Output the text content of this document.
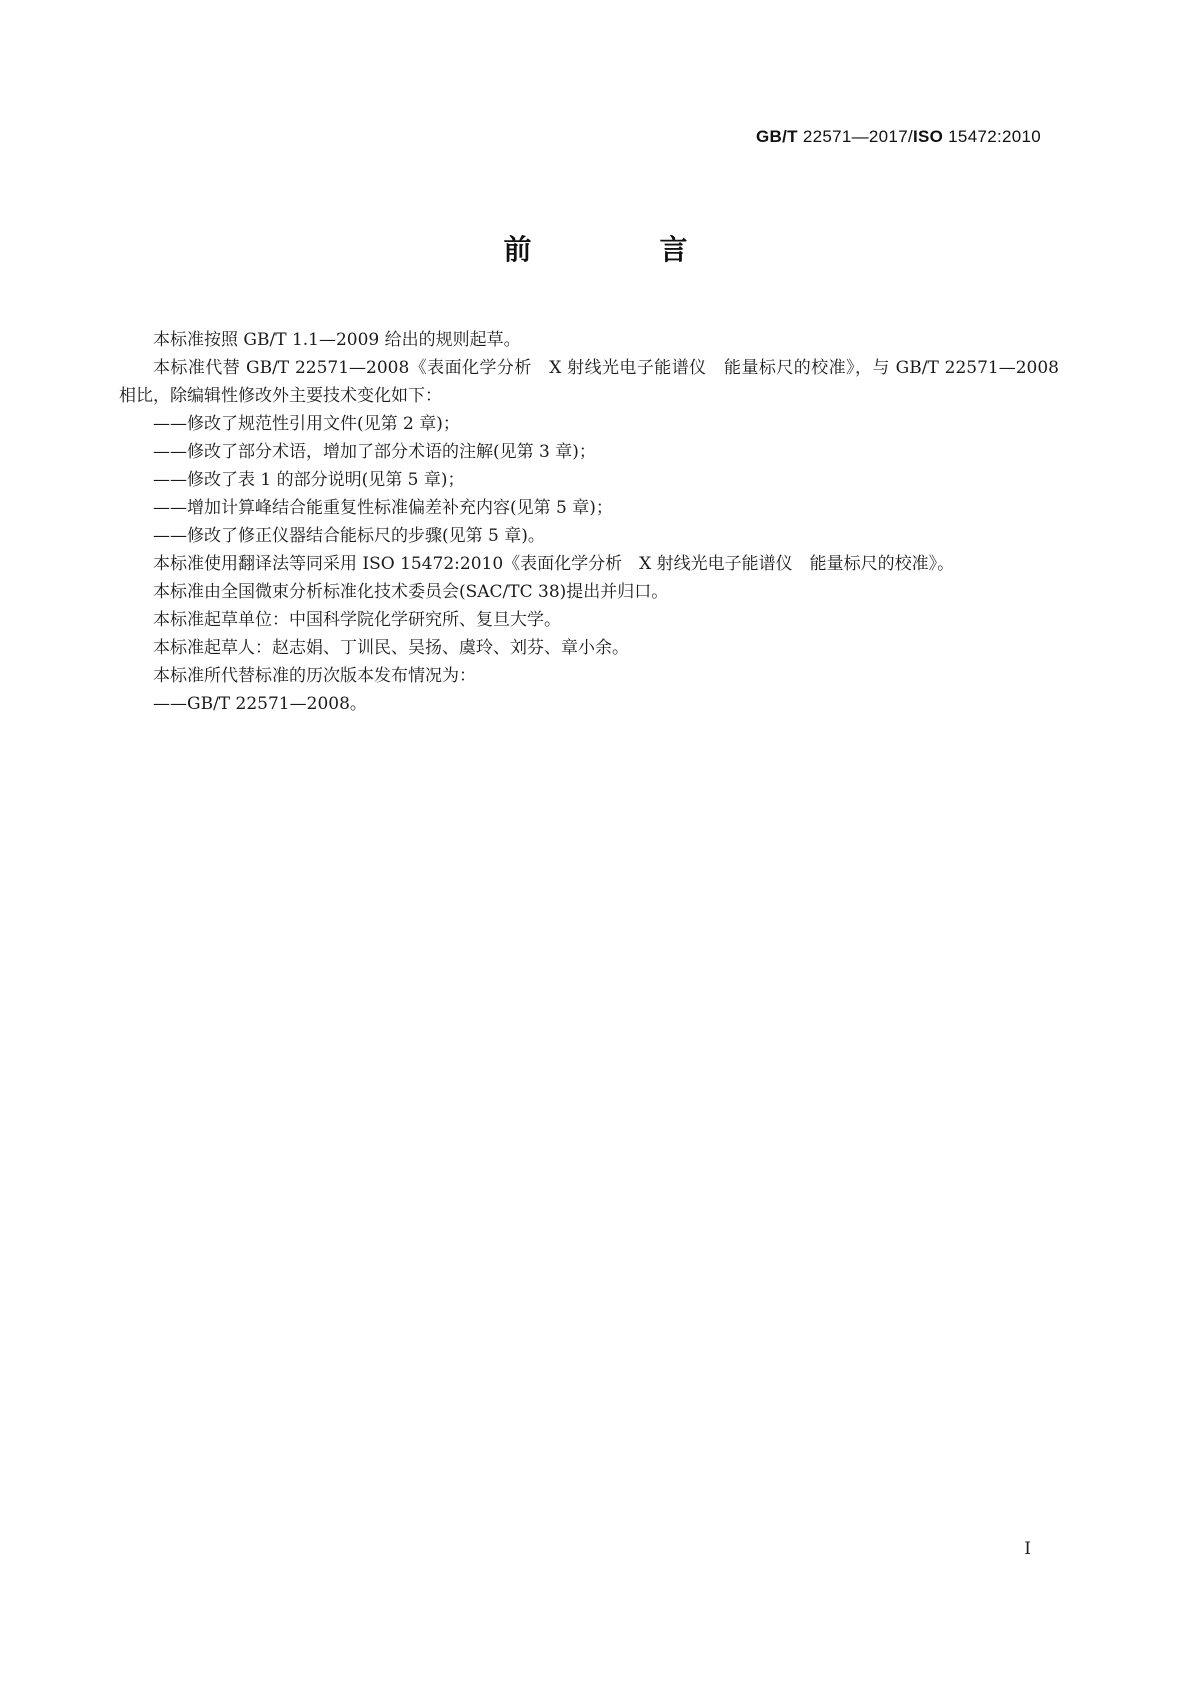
GB/T 22571—2017/ISO 15472:2010
前　言

本标准按照 GB/T 1.1—2009 给出的规则起草。

本标准代替 GB/T 22571—2008《表面化学分析　X 射线光电子能谱仪　能量标尺的校准》，与 GB/T 22571—2008 相比，除编辑性修改外主要技术变化如下：

——修改了规范性引用文件(见第 2 章)；

——修改了部分术语，增加了部分术语的注解(见第 3 章)；

——修改了表 1 的部分说明(见第 5 章)；

——增加计算峰结合能重复性标准偏差补充内容(见第 5 章)；

——修改了修正仪器结合能标尺的步骤(见第 5 章)。

本标准使用翻译法等同采用 ISO 15472:2010《表面化学分析　X 射线光电子能谱仪　能量标尺的校准》。

本标准由全国微束分析标准化技术委员会(SAC/TC 38)提出并归口。

本标准起草单位：中国科学院化学研究所、复旦大学。

本标准起草人：赵志娟、丁训民、吴扬、虞玲、刘芬、章小余。

本标准所代替标准的历次版本发布情况为：

——GB/T 22571—2008。

I
